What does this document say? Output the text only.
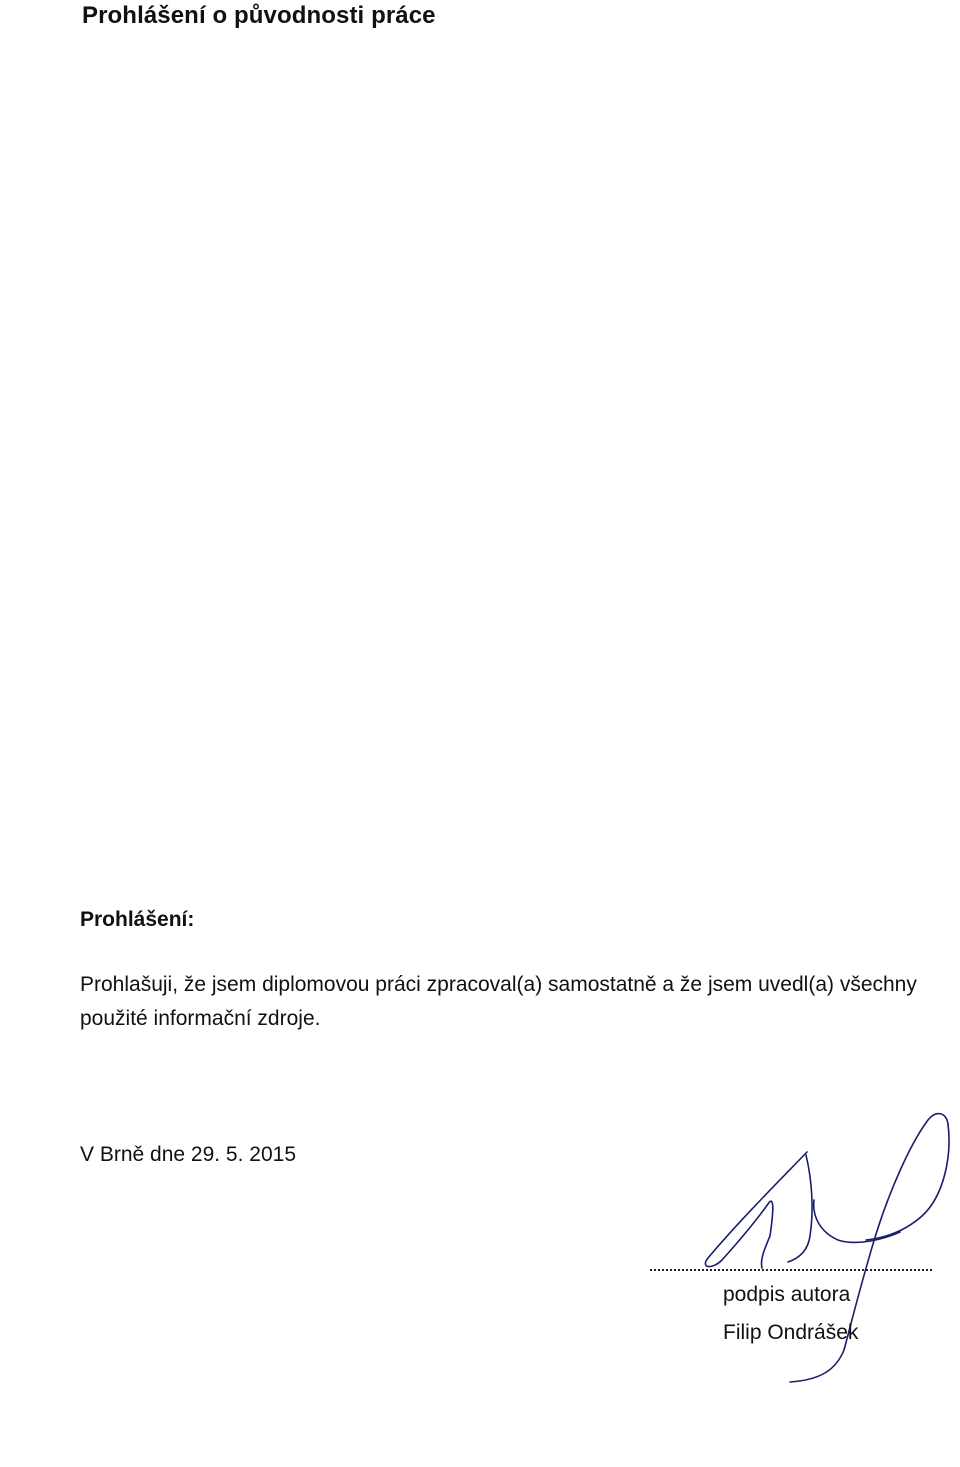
Prohlášení o původnosti práce
Prohlášení:

Prohlašuji, že jsem diplomovou práci zpracoval(a) samostatně a že jsem uvedl(a) všechny použité informační zdroje.

V Brně dne 29. 5. 2015

podpis autora

Filip Ondrášek
